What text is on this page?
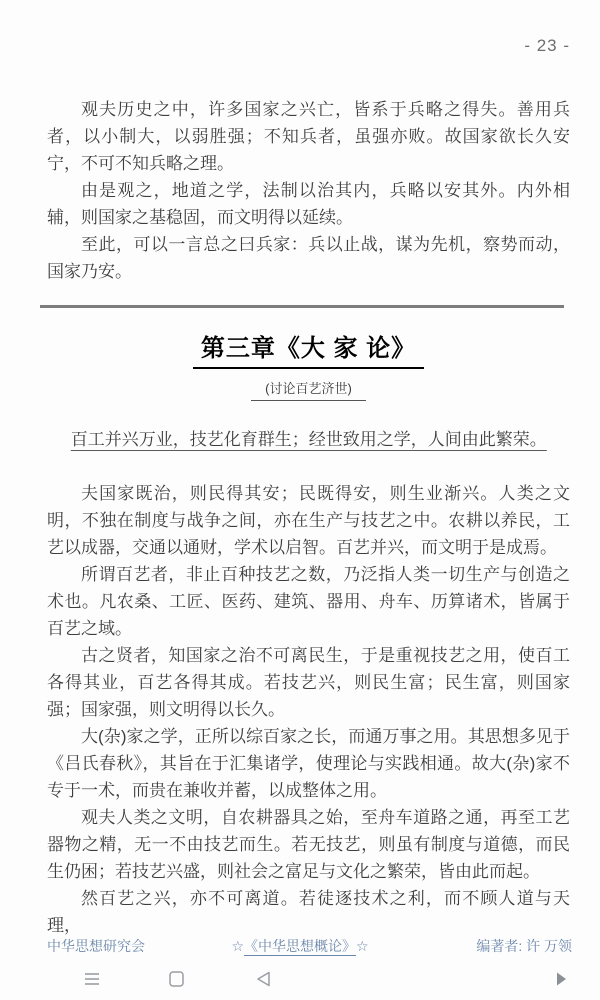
- 23 -

观夫历史之中，许多国家之兴亡，皆系于兵略之得失。善用兵者，以小制大，以弱胜强；不知兵者，虽强亦败。故国家欲长久安宁，不可不知兵略之理。

由是观之，地道之学，法制以治其内，兵略以安其外。内外相辅，则国家之基稳固，而文明得以延续。

至此，可以一言总之曰兵家：兵以止战，谋为先机，察势而动，国家乃安。

第三章《大 家 论》
(讨论百艺济世)

百工并兴万业，技艺化育群生；经世致用之学，人间由此繁荣。

夫国家既治，则民得其安；民既得安，则生业渐兴。人类之文明，不独在制度与战争之间，亦在生产与技艺之中。农耕以养民，工艺以成器，交通以通财，学术以启智。百艺并兴，而文明于是成焉。

所谓百艺者，非止百种技艺之数，乃泛指人类一切生产与创造之术也。凡农桑、工匠、医药、建筑、器用、舟车、历算诸术，皆属于百艺之域。

古之贤者，知国家之治不可离民生，于是重视技艺之用，使百工各得其业，百艺各得其成。若技艺兴，则民生富；民生富，则国家强；国家强，则文明得以长久。

大(杂)家之学，正所以综百家之长，而通万事之用。其思想多见于《吕氏春秋》，其旨在于汇集诸学，使理论与实践相通。故大(杂)家不专于一术，而贵在兼收并蓄，以成整体之用。

观夫人类之文明，自农耕器具之始，至舟车道路之通，再至工艺器物之精，无一不由技艺而生。若无技艺，则虽有制度与道德，而民生仍困；若技艺兴盛，则社会之富足与文化之繁荣，皆由此而起。

然百艺之兴，亦不可离道。若徒逐技术之利，而不顾人道与天理，

中华思想研究会	☆《中华思想概论》☆	编著者: 许 万领
